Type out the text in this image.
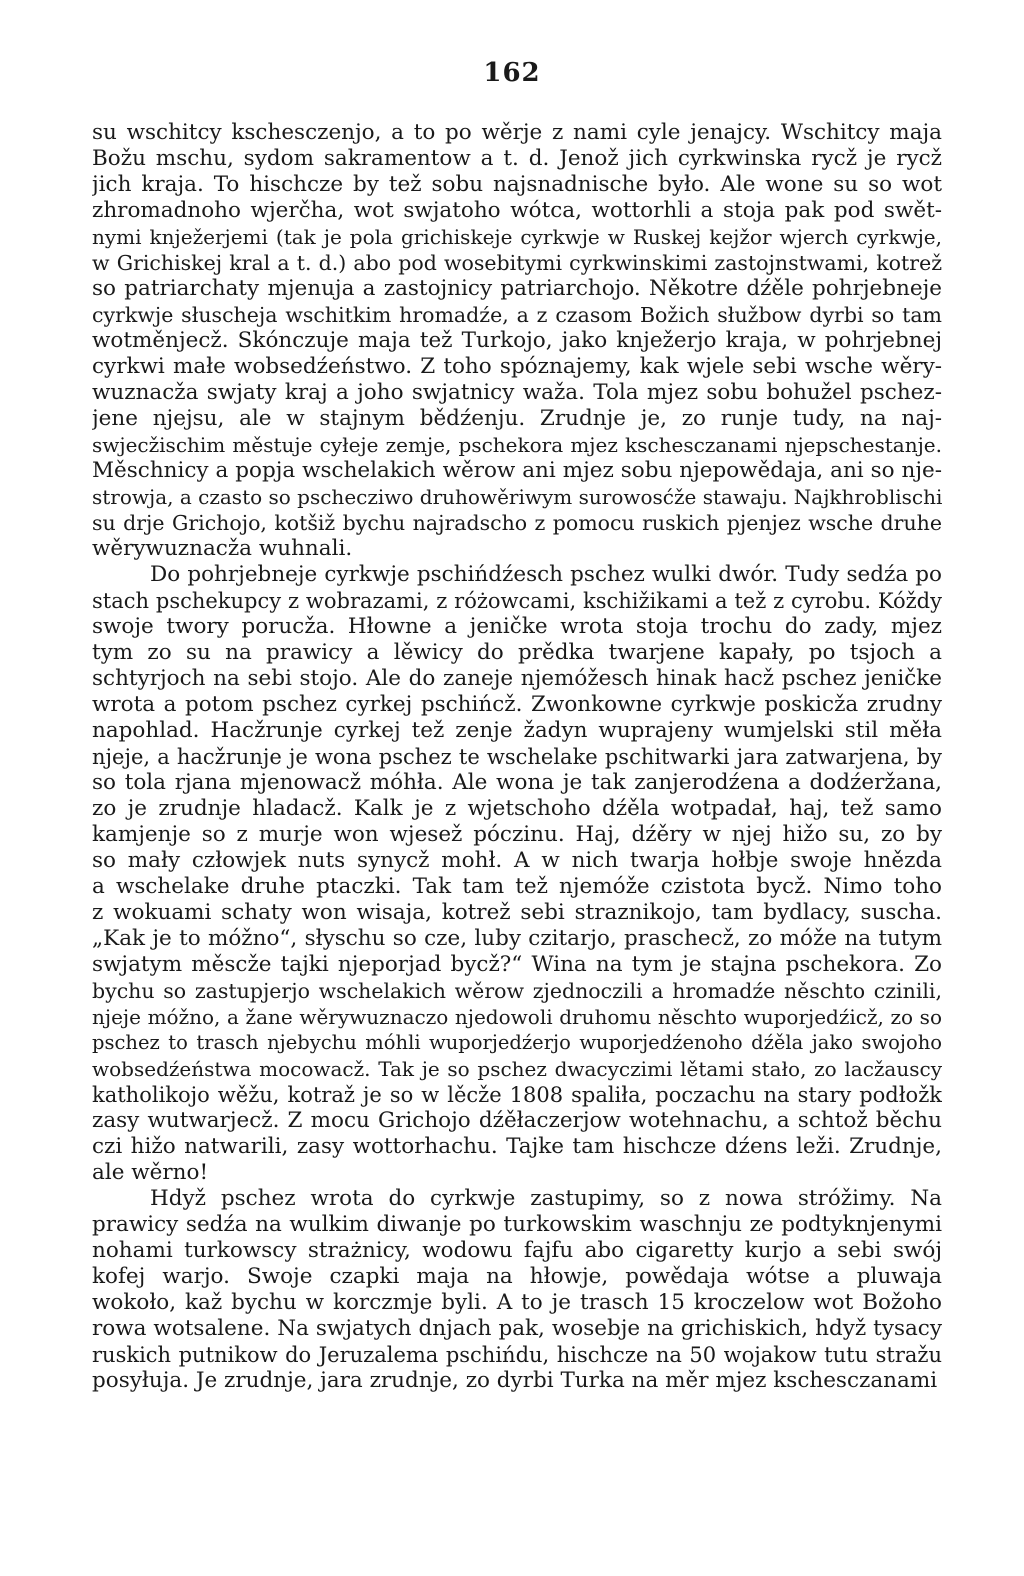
162
su wschitcy kschesczenjo, a to po wěrje z nami cyle jenajcy. Wschitcy maja
Božu mschu, sydom sakramentow a t. d. Jenož jich cyrkwinska rycž je rycž
jich kraja. To hischcze by tež sobu najsnadnische było. Ale wone su so wot
zhromadnoho wjerčha, wot swjatoho wótca, wottorhli a stoja pak pod swět-
nymi knježerjemi (tak je pola grichiskeje cyrkwje w Ruskej kejžor wjerch cyrkwje,
w Grichiskej kral a t. d.) abo pod wosebitymi cyrkwinskimi zastojnstwami, kotrež
so patriarchaty mjenuja a zastojnicy patriarchojo. Někotre dźěle pohrjebneje
cyrkwje słuscheja wschitkim hromadźe, a z czasom Božich słužbow dyrbi so tam
wotměnjecž. Skónczuje maja tež Turkojo, jako knježerjo kraja, w pohrjebnej
cyrkwi małe wobsedźeństwo. Z toho spóznajemy, kak wjele sebi wsche wěry-
wuznacža swjaty kraj a joho swjatnicy waža. Tola mjez sobu bohužel pschez-
jene njejsu, ale w stajnym bědźenju. Zrudnje je, zo runje tudy, na naj-
swjecžischim městuje cyłeje zemje, pschekora mjez kschesczanami njepschestanje.
Měschnicy a popja wschelakich wěrow ani mjez sobu njepowědaja, ani so nje-
strowja, a czasto so pschecziwo druhowěriwym surowosćže stawaju. Najkhroblischi
su drje Grichojo, kotšiž bychu najradscho z pomocu ruskich pjenjez wsche druhe
wěrywuznacža wuhnali.
Do pohrjebneje cyrkwje pschińdźesch pschez wulki dwór. Tudy sedźa po
stach pschekupcy z wobrazami, z różowcami, kschižikami a tež z cyrobu. Kóždy
swoje twory porucža. Hłowne a jeničke wrota stoja trochu do zady, mjez
tym zo su na prawicy a lěwicy do prědka twarjene kapały, po tsjoch a
schtyrjoch na sebi stojo. Ale do zaneje njemóžesch hinak hacž pschez jeničke
wrota a potom pschez cyrkej pschińcž. Zwonkowne cyrkwje poskicža zrudny
napohlad. Hacžrunje cyrkej tež zenje žadyn wuprajeny wumjelski stil měła
njeje, a hacžrunje je wona pschez te wschelake pschitwarki jara zatwarjena, by
so tola rjana mjenowacž móhła. Ale wona je tak zanjerodźena a dodźeržana,
zo je zrudnje hladacž. Kalk je z wjetschoho dźěla wotpadał, haj, tež samo
kamjenje so z murje won wjesež póczinu. Haj, dźěry w njej hižo su, zo by
so mały człowjek nuts synycž mohł. A w nich twarja hołbje swoje hnězda
a wschelake druhe ptaczki. Tak tam tež njemóže czistota bycž. Nimo toho
z wokuami schaty won wisaja, kotrež sebi straznikojo, tam bydlacy, suscha.
„Kak je to móžno“, słyschu so cze, luby czitarjo, praschecž, zo móže na tutym
swjatym měscže tajki njeporjad bycž?“ Wina na tym je stajna pschekora. Zo
bychu so zastupjerjo wschelakich wěrow zjednoczili a hromadźe něschto czinili,
njeje móžno, a žane wěrywuznaczo njedowoli druhomu něschto wuporjedźicž, zo so
pschez to trasch njebychu móhli wuporjedźerjo wuporjedźenoho dźěla jako swojoho
wobsedźeństwa mocowacž. Tak je so pschez dwacyczimi lětami stało, zo lacžauscy
katholikojo wěžu, kotraž je so w lěcže 1808 spaliła, poczachu na stary podłožk
zasy wutwarjecž. Z mocu Grichojo dźěłaczerjow wotehnachu, a schtož běchu
czi hižo natwarili, zasy wottorhachu. Tajke tam hischcze dźens leži. Zrudnje,
ale wěrno!
Hdyž pschez wrota do cyrkwje zastupimy, so z nowa stróžimy. Na
prawicy sedźa na wulkim diwanje po turkowskim waschnju ze podtyknjenymi
nohami turkowscy strażnicy, wodowu fajfu abo cigaretty kurjo a sebi swój
kofej warjo. Swoje czapki maja na hłowje, powědaja wótse a pluwaja
wokoło, kaž bychu w korczmje byli. A to je trasch 15 kroczelow wot Božoho
rowa wotsalene. Na swjatych dnjach pak, wosebje na grichiskich, hdyž tysacy
ruskich putnikow do Jeruzalema pschińdu, hischcze na 50 wojakow tutu stražu
posyłuja. Je zrudnje, jara zrudnje, zo dyrbi Turka na měr mjez kschesczanami
